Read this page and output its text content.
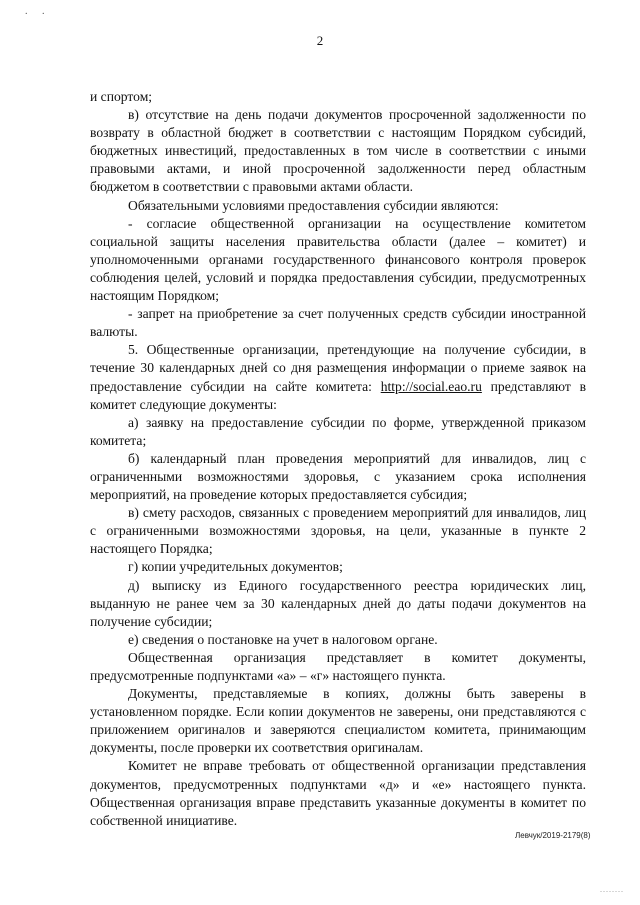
. .
2

и спортом;

в) отсутствие на день подачи документов просроченной задолженности по возврату в областной бюджет в соответствии с настоящим Порядком субсидий, бюджетных инвестиций, предоставленных в том числе в соответствии с иными правовыми актами, и иной просроченной задолженности перед областным бюджетом в соответствии с правовыми актами области.

Обязательными условиями предоставления субсидии являются:

- согласие общественной организации на осуществление комитетом социальной защиты населения правительства области (далее – комитет) и уполномоченными органами государственного финансового контроля проверок соблюдения целей, условий и порядка предоставления субсидии, предусмотренных настоящим Порядком;

- запрет на приобретение за счет полученных средств субсидии иностранной валюты.

5. Общественные организации, претендующие на получение субсидии, в течение 30 календарных дней со дня размещения информации о приеме заявок на предоставление субсидии на сайте комитета: http://social.eao.ru представляют в комитет следующие документы:

а) заявку на предоставление субсидии по форме, утвержденной приказом комитета;

б) календарный план проведения мероприятий для инвалидов, лиц с ограниченными возможностями здоровья, с указанием срока исполнения мероприятий, на проведение которых предоставляется субсидия;

в) смету расходов, связанных с проведением мероприятий для инвалидов, лиц с ограниченными возможностями здоровья, на цели, указанные в пункте 2 настоящего Порядка;

г) копии учредительных документов;

д) выписку из Единого государственного реестра юридических лиц, выданную не ранее чем за 30 календарных дней до даты подачи документов на получение субсидии;

е) сведения о постановке на учет в налоговом органе.

Общественная организация представляет в комитет документы, предусмотренные подпунктами «а» – «г» настоящего пункта.

Документы, представляемые в копиях, должны быть заверены в установленном порядке. Если копии документов не заверены, они представляются с приложением оригиналов и заверяются специалистом комитета, принимающим документы, после проверки их соответствия оригиналам.

Комитет не вправе требовать от общественной организации представления документов, предусмотренных подпунктами «д» и «е» настоящего пункта. Общественная организация вправе представить указанные документы в комитет по собственной инициативе.

Левчук/2019-2179(8)
........
